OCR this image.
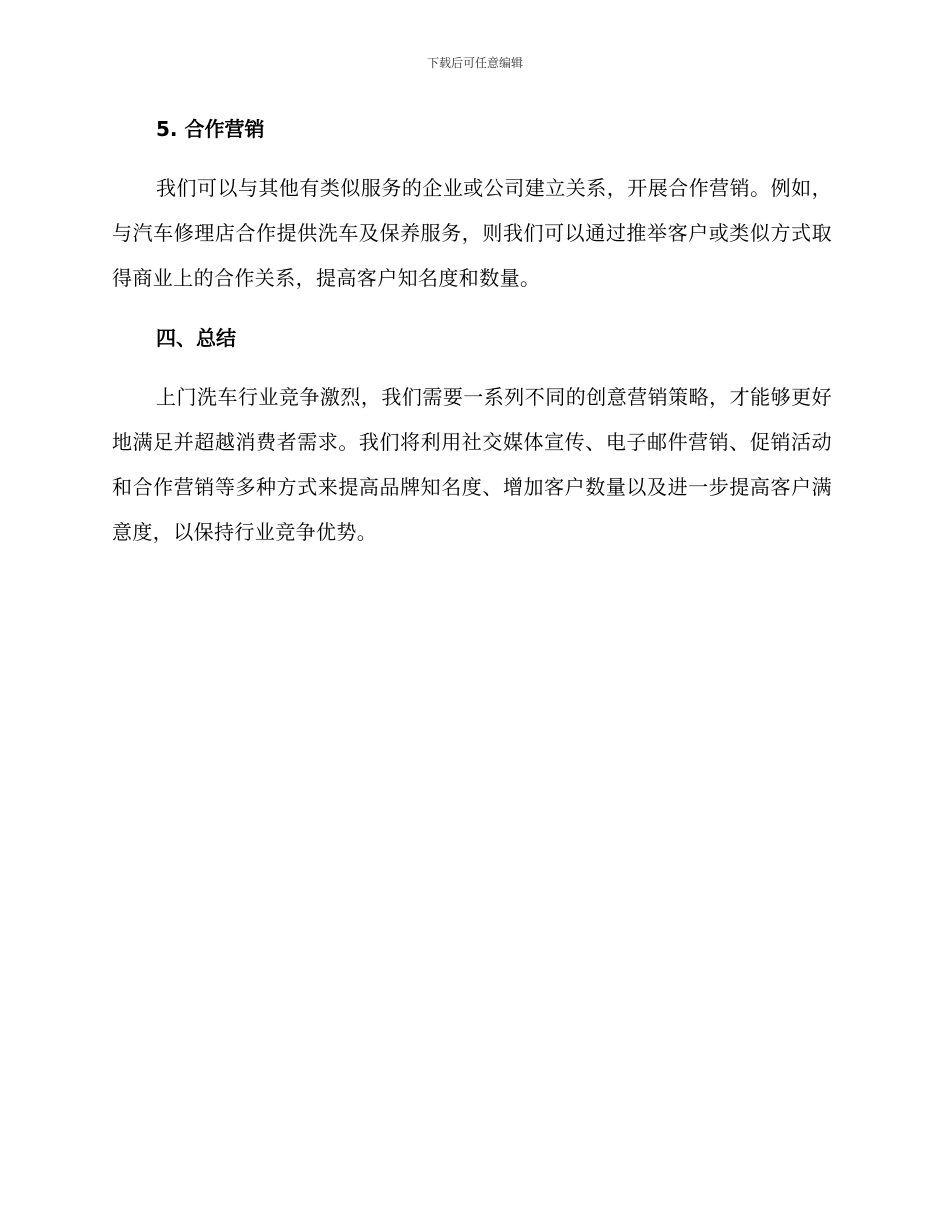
下载后可任意编辑
5. 合作营销

我们可以与其他有类似服务的企业或公司建立关系，开展合作营销。例如，与汽车修理店合作提供洗车及保养服务，则我们可以通过推举客户或类似方式取得商业上的合作关系，提高客户知名度和数量。

四、总结

上门洗车行业竞争激烈，我们需要一系列不同的创意营销策略，才能够更好地满足并超越消费者需求。我们将利用社交媒体宣传、电子邮件营销、促销活动和合作营销等多种方式来提高品牌知名度、增加客户数量以及进一步提高客户满意度，以保持行业竞争优势。
